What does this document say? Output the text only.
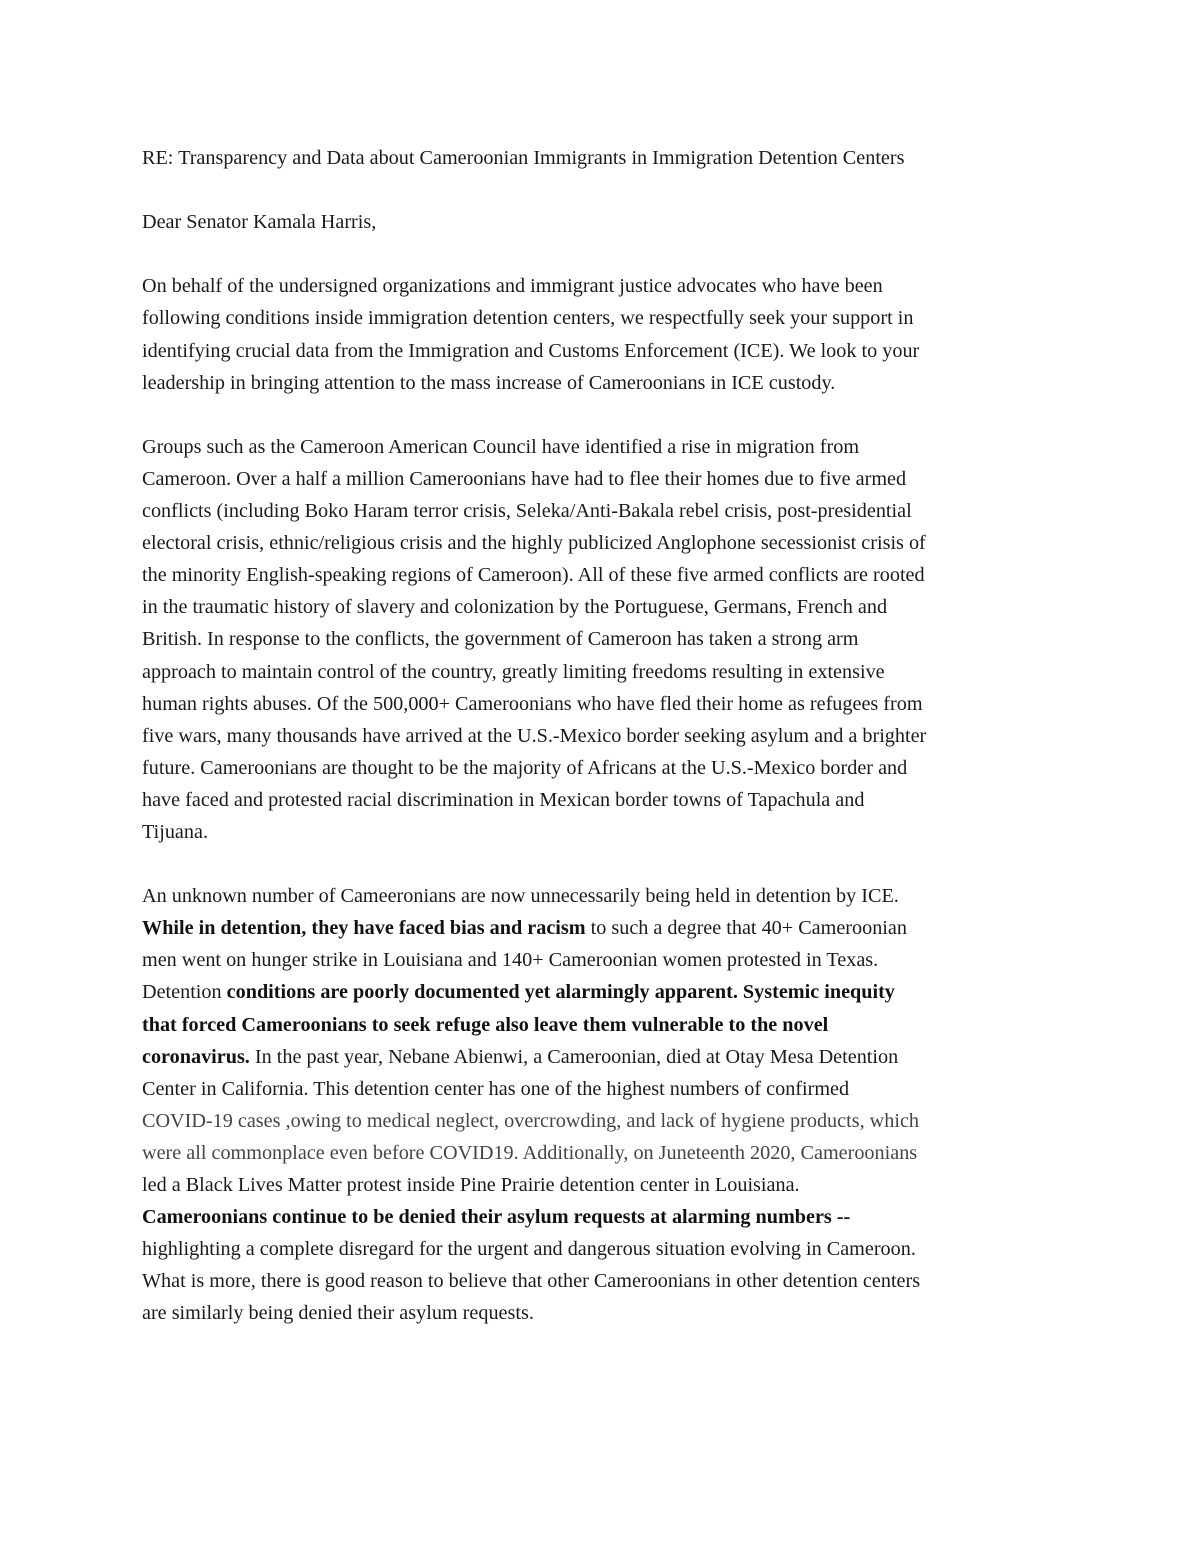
RE: Transparency and Data about Cameroonian Immigrants in Immigration Detention Centers

Dear Senator Kamala Harris,

On behalf of the undersigned organizations and immigrant justice advocates who have been
following conditions inside immigration detention centers, we respectfully seek your support in
identifying crucial data from the Immigration and Customs Enforcement (ICE). We look to your
leadership in bringing attention to the mass increase of Cameroonians in ICE custody.

Groups such as the Cameroon American Council have identified a rise in migration from
Cameroon. Over a half a million Cameroonians have had to flee their homes due to five armed
conflicts (including Boko Haram terror crisis, Seleka/Anti-Bakala rebel crisis, post-presidential
electoral crisis, ethnic/religious crisis and the highly publicized Anglophone secessionist crisis of
the minority English-speaking regions of Cameroon). All of these five armed conflicts are rooted
in the traumatic history of slavery and colonization by the Portuguese, Germans, French and
British. In response to the conflicts, the government of Cameroon has taken a strong arm
approach to maintain control of the country, greatly limiting freedoms resulting in extensive
human rights abuses. Of the 500,000+ Cameroonians who have fled their home as refugees from
five wars, many thousands have arrived at the U.S.-Mexico border seeking asylum and a brighter
future. Cameroonians are thought to be the majority of Africans at the U.S.-Mexico border and
have faced and protested racial discrimination in Mexican border towns of Tapachula and
Tijuana.

An unknown number of Cameeronians are now unnecessarily being held in detention by ICE.
While in detention, they have faced bias and racism to such a degree that 40+ Cameroonian
men went on hunger strike in Louisiana and 140+ Cameroonian women protested in Texas.
Detention conditions are poorly documented yet alarmingly apparent. Systemic inequity
that forced Cameroonians to seek refuge also leave them vulnerable to the novel
coronavirus. In the past year, Nebane Abienwi, a Cameroonian, died at Otay Mesa Detention
Center in California. This detention center has one of the highest numbers of confirmed
COVID-19 cases ,owing to medical neglect, overcrowding, and lack of hygiene products, which
were all commonplace even before COVID19. Additionally, on Juneteenth 2020, Cameroonians
led a Black Lives Matter protest inside Pine Prairie detention center in Louisiana.
Cameroonians continue to be denied their asylum requests at alarming numbers --
highlighting a complete disregard for the urgent and dangerous situation evolving in Cameroon.
What is more, there is good reason to believe that other Cameroonians in other detention centers
are similarly being denied their asylum requests.
